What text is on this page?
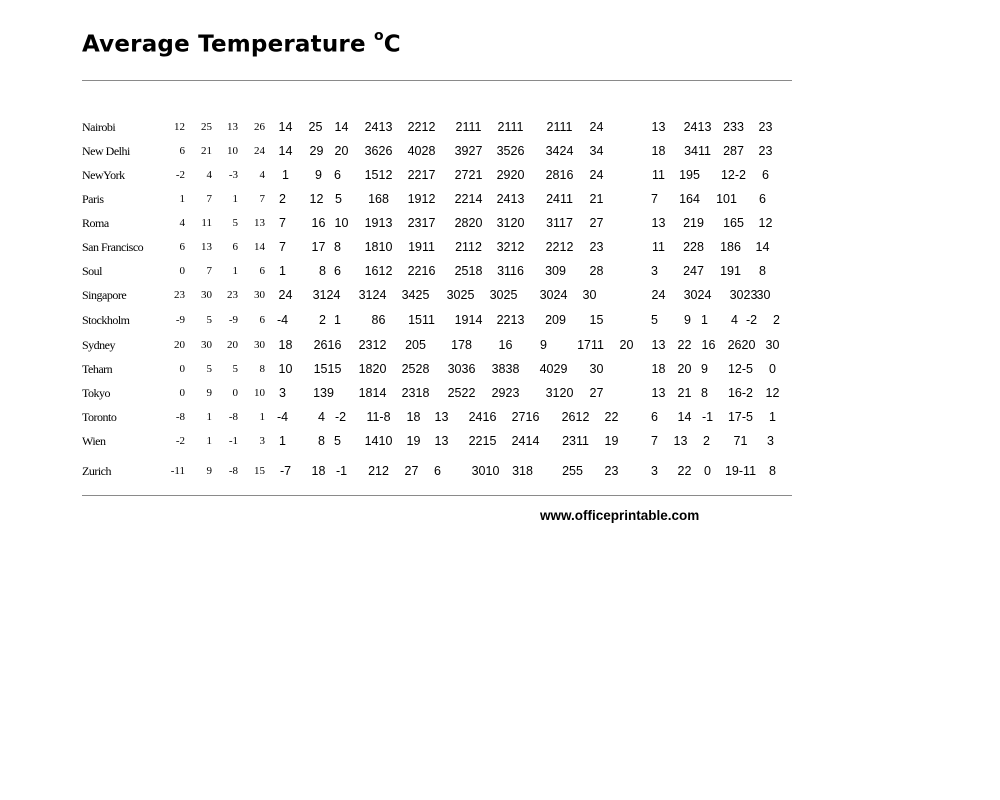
Average Temperature $^o$C
Nairobi	12	25	13	26 14 25 14 2413 2212 2111 2111 2111 24	13 2413 233 23
New Delhi	6	21	10	24 14 29 20 3626 4028 3927 3526 3424 34	18 3411 287 23
NewYork	-2	4	-3	4 1 9 6 1512 2217 2721 2920 2816 24	11 195 12-2 6
Paris	1	7	1	7 2 12 5 168 1912 2214 2413 2411 21	7 164 101 6
Roma	4	11	5	13 7 16 10 1913 2317 2820 3120 3117 27	13 219 165 12
San Francisco	6	13	6	14 7 17 8 1810 1911 2112 3212 2212 23	11 228 186 14
Soul	0	7	1	6 1	8 6 1612 2216 2518 3116 309 28	3 247 191 8
Singapore	23	30	23	30 24 3124 3124 3425 3025 3025 3024 30	24 3024 3023 30
Stockholm	-9	5	-9	6 -4 2 1 86 1511 1914 2213 209 15	5 9 1 4 -2 2
Sydney	20	30	20	30 18 2616 2312 205 178 16 9 1711 20 13 22 16 2620 30
Teharn	0	5	5	8 10 1515 1820 2528 3036 3838 4029 30	18 20 9 12-5 0
Tokyo	0	9	0	10 3 139 1814 2318 2522 2923 3120 27	13 21 8 16-2 12
Toronto	-8	1	-8	1 -4 4 -2 11-8 18 13 2416 2716 2612 22	6 14 -1 17-5 1
Wien	-2	1	-1	3 1	8 5 1410 19 13 2215 2414 2311 19	7 13 2 71 3
Zurich	-11	9	-8	15 -7 18 -1 212 27 6 3010 318 255 23	3 22 0 19-11 8
www.officeprintable.com
